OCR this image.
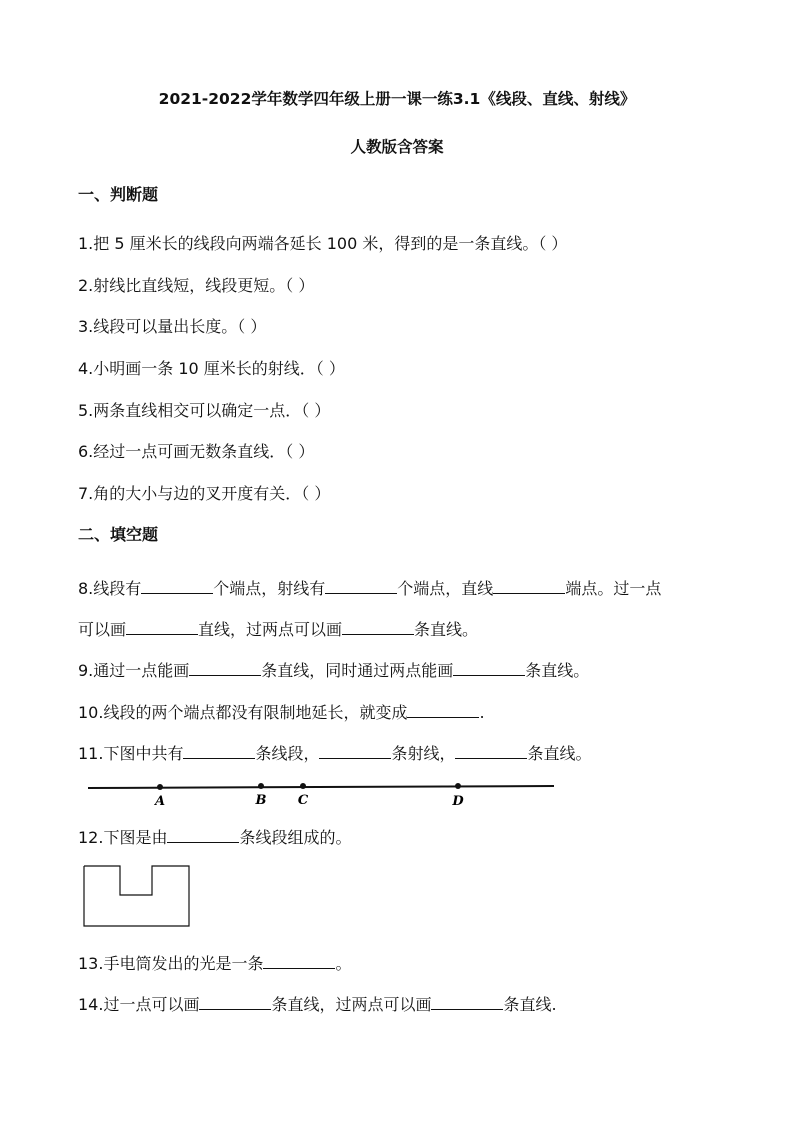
2021-2022学年数学四年级上册一课一练3.1《线段、直线、射线》
人教版含答案
一、判断题
1.把 5 厘米长的线段向两端各延长 100 米，得到的是一条直线。（ ）
2.射线比直线短，线段更短。（ ）
3.线段可以量出长度。（ ）
4.小明画一条 10 厘米长的射线．（ ）
5.两条直线相交可以确定一点．（ ）
6.经过一点可画无数条直线．（ ）
7.角的大小与边的叉开度有关．（ ）
二、填空题
8.线段有	个端点，射线有	个端点，直线	端点。过一点
可以画	直线，过两点可以画	条直线。
9.通过一点能画	条直线，同时通过两点能画	条直线。
10.线段的两个端点都没有限制地延长，就变成	.
11.下图中共有	条线段，	条射线，	条直线。
A	B C	D
12.下图是由	条线段组成的。
13.手电筒发出的光是一条	。
14.过一点可以画	条直线，过两点可以画	条直线.
